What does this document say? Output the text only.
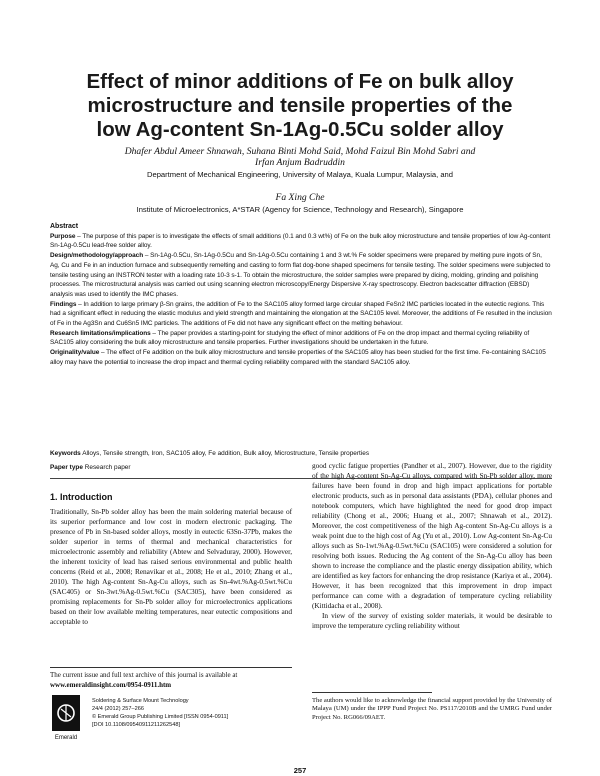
Effect of minor additions of Fe on bulk alloy
microstructure and tensile properties of the
low Ag-content Sn-1Ag-0.5Cu solder alloy
Dhafer Abdul Ameer Shnawah, Suhana Binti Mohd Said, Mohd Faizul Bin Mohd Sabri and
Irfan Anjum Badruddin
Department of Mechanical Engineering, University of Malaya, Kuala Lumpur, Malaysia, and
Fa Xing Che
Institute of Microelectronics, A*STAR (Agency for Science, Technology and Research), Singapore

Abstract

Purpose – The purpose of this paper is to investigate the effects of small additions (0.1 and 0.3 wt%) of Fe on the bulk alloy microstructure and tensile properties of low Ag-content Sn-1Ag-0.5Cu lead-free solder alloy.

Design/methodology/approach – Sn-1Ag-0.5Cu, Sn-1Ag-0.5Cu and Sn-1Ag-0.5Cu containing 1 and 3 wt.% Fe solder specimens were prepared by melting pure ingots of Sn, Ag, Cu and Fe in an induction furnace and subsequently remelting and casting to form flat dog-bone shaped specimens for tensile testing. The solder specimens were subjected to tensile testing using an INSTRON tester with a loading rate 10-3 s-1. To obtain the microstructure, the solder samples were prepared by dicing, molding, grinding and polishing processes. The microstructural analysis was carried out using scanning electron microscopy/Energy Dispersive X-ray spectroscopy. Electron backscatter diffraction (EBSD) analysis was used to identify the IMC phases.

Findings – In addition to large primary β-Sn grains, the addition of Fe to the SAC105 alloy formed large circular shaped FeSn2 IMC particles located in the eutectic regions. This had a significant effect in reducing the elastic modulus and yield strength and maintaining the elongation at the SAC105 level. Moreover, the additions of Fe resulted in the inclusion of Fe in the Ag3Sn and Cu6Sn5 IMC particles. The additions of Fe did not have any significant effect on the melting behaviour.

Research limitations/implications – The paper provides a starting-point for studying the effect of minor additions of Fe on the drop impact and thermal cycling reliability of SAC105 alloy considering the bulk alloy microstructure and tensile properties. Further investigations should be undertaken in the future.

Originality/value – The effect of Fe addition on the bulk alloy microstructure and tensile properties of the SAC105 alloy has been studied for the first time. Fe-containing SAC105 alloy may have the potential to increase the drop impact and thermal cycling reliability compared with the standard SAC105 alloy.

Keywords Alloys, Tensile strength, Iron, SAC105 alloy, Fe addition, Bulk alloy, Microstructure, Tensile properties
Paper type Research paper
1. Introduction

Traditionally, Sn-Pb solder alloy has been the main soldering material because of its superior performance and low cost in modern electronic packaging. The presence of Pb in Sn-based solder alloys, mostly in eutectic 63Sn-37Pb, makes the solder superior in terms of thermal and mechanical characteristics for microelectronic assembly and reliability (Abtew and Selvaduray, 2000). However, the inherent toxicity of lead has raised serious environmental and public health concerns (Reid et al., 2008; Renavikar et al., 2008; He et al., 2010; Zhang et al., 2010). The high Ag-content Sn-Ag-Cu alloys, such as Sn-4wt.%Ag-0.5wt.%Cu (SAC405) or Sn-3wt.%Ag-0.5wt.%Cu (SAC305), have been considered as promising replacements for Sn-Pb solder alloy for microelectronics applications based on their low available melting temperatures, near eutectic compositions and acceptable to

good cyclic fatigue properties (Pandher et al., 2007). However, due to the rigidity of the high Ag-content Sn-Ag-Cu alloys, compared with Sn-Pb solder alloy, more failures have been found in drop and high impact applications for portable electronic products, such as in personal data assistants (PDA), cellular phones and notebook computers, which have highlighted the need for good drop impact reliability (Chong et al., 2006; Huang et al., 2007; Shnawah et al., 2012). Moreover, the cost competitiveness of the high Ag-content Sn-Ag-Cu alloys is a weak point due to the high cost of Ag (Yu et al., 2010). Low Ag-content Sn-Ag-Cu alloys such as Sn-1wt.%Ag-0.5wt.%Cu (SAC105) were considered a solution for resolving both issues. Reducing the Ag content of the Sn-Ag-Cu alloy has been shown to increase the compliance and the plastic energy dissipation ability, which are identified as key factors for enhancing the drop resistance (Kariya et al., 2004). However, it has been recognized that this improvement in drop impact performance can come with a degradation of temperature cycling reliability (Kittidacha et al., 2008).

In view of the survey of existing solder materials, it would be desirable to improve the temperature cycling reliability without

The current issue and full text archive of this journal is available at
www.emeraldinsight.com/0954-0911.htm
Emerald
Soldering & Surface Mount Technology
24/4 (2012) 257–266
© Emerald Group Publishing Limited [ISSN 0954-0911]
[DOI 10.1108/09540911211262548]
The authors would like to acknowledge the financial support provided by the University of Malaya (UM) under the IPPP Fund Project No. PS117/2010B and the UMRG Fund under Project No. RG066/09AET.
257
